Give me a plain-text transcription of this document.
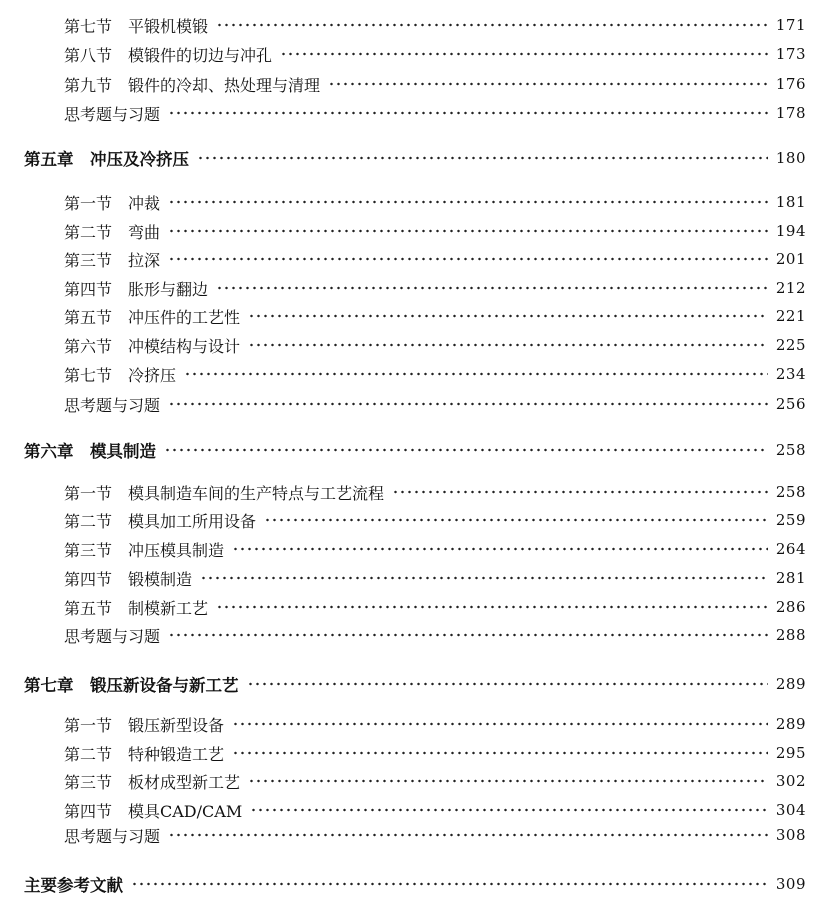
第七节　平锻机模锻	171
第八节　模锻件的切边与冲孔	173
第九节　锻件的冷却、热处理与清理	176
思考题与习题	178
第五章　冲压及冷挤压	180
第一节　冲裁	181
第二节　弯曲	194
第三节　拉深	201
第四节　胀形与翻边	212
第五节　冲压件的工艺性	221
第六节　冲模结构与设计	225
第七节　冷挤压	234
思考题与习题	256
第六章　模具制造	258
第一节　模具制造车间的生产特点与工艺流程	258
第二节　模具加工所用设备	259
第三节　冲压模具制造	264
第四节　锻模制造	281
第五节　制模新工艺	286
思考题与习题	288
第七章　锻压新设备与新工艺	289
第一节　锻压新型设备	289
第二节　特种锻造工艺	295
第三节　板材成型新工艺	302
第四节　模具CAD/CAM	304
思考题与习题	308
主要参考文献	309
